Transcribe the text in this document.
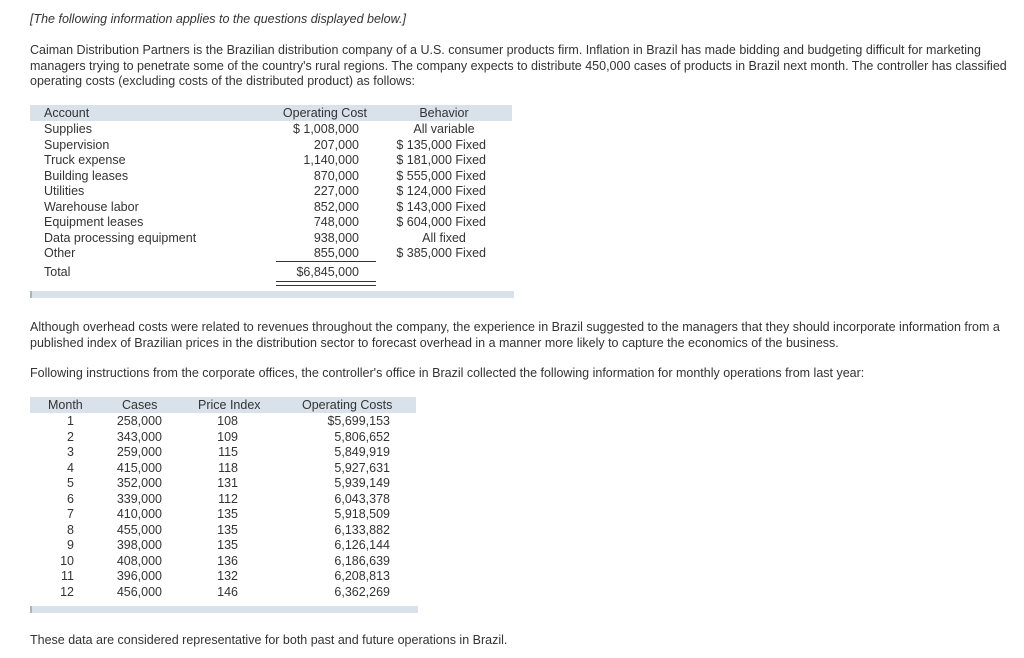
[The following information applies to the questions displayed below.]
Caiman Distribution Partners is the Brazilian distribution company of a U.S. consumer products firm. Inflation in Brazil has made bidding and budgeting difficult for marketing managers trying to penetrate some of the country's rural regions. The company expects to distribute 450,000 cases of products in Brazil next month. The controller has classified operating costs (excluding costs of the distributed product) as follows:
Account	Operating Cost	Behavior
Supplies	$ 1,008,000	All variable
Supervision	207,000	$ 135,000 Fixed
Truck expense	1,140,000	$ 181,000 Fixed
Building leases	870,000	$ 555,000 Fixed
Utilities	227,000	$ 124,000 Fixed
Warehouse labor	852,000	$ 143,000 Fixed
Equipment leases	748,000	$ 604,000 Fixed
Data processing equipment	938,000	All fixed
Other	855,000	$ 385,000 Fixed
Total	$6,845,000
Although overhead costs were related to revenues throughout the company, the experience in Brazil suggested to the managers that they should incorporate information from a published index of Brazilian prices in the distribution sector to forecast overhead in a manner more likely to capture the economics of the business.
Following instructions from the corporate offices, the controller's office in Brazil collected the following information for monthly operations from last year:
Month	Cases	Price Index	Operating Costs
1	258,000	108	$5,699,153
2	343,000	109	5,806,652
3	259,000	115	5,849,919
4	415,000	118	5,927,631
5	352,000	131	5,939,149
6	339,000	112	6,043,378
7	410,000	135	5,918,509
8	455,000	135	6,133,882
9	398,000	135	6,126,144
10	408,000	136	6,186,639
11	396,000	132	6,208,813
12	456,000	146	6,362,269
These data are considered representative for both past and future operations in Brazil.
